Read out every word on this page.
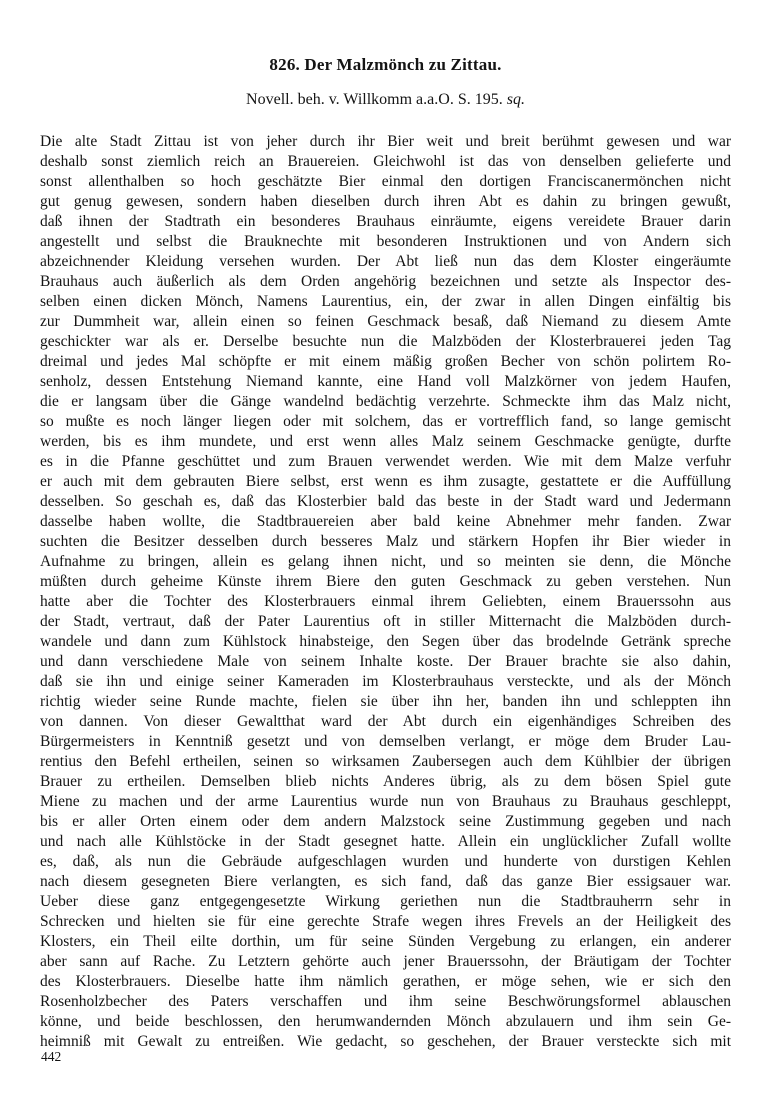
826. Der Malzmönch zu Zittau.

Novell. beh. v. Willkomm a.a.O. S. 195. sq.

Die alte Stadt Zittau ist von jeher durch ihr Bier weit und breit berühmt gewesen und war
deshalb sonst ziemlich reich an Brauereien. Gleichwohl ist das von denselben gelieferte und
sonst allenthalben so hoch geschätzte Bier einmal den dortigen Franciscanermönchen nicht
gut genug gewesen, sondern haben dieselben durch ihren Abt es dahin zu bringen gewußt,
daß ihnen der Stadtrath ein besonderes Brauhaus einräumte, eigens vereidete Brauer darin
angestellt und selbst die Brauknechte mit besonderen Instruktionen und von Andern sich
abzeichnender Kleidung versehen wurden. Der Abt ließ nun das dem Kloster eingeräumte
Brauhaus auch äußerlich als dem Orden angehörig bezeichnen und setzte als Inspector des-
selben einen dicken Mönch, Namens Laurentius, ein, der zwar in allen Dingen einfältig bis
zur Dummheit war, allein einen so feinen Geschmack besaß, daß Niemand zu diesem Amte
geschickter war als er. Derselbe besuchte nun die Malzböden der Klosterbrauerei jeden Tag
dreimal und jedes Mal schöpfte er mit einem mäßig großen Becher von schön polirtem Ro-
senholz, dessen Entstehung Niemand kannte, eine Hand voll Malzkörner von jedem Haufen,
die er langsam über die Gänge wandelnd bedächtig verzehrte. Schmeckte ihm das Malz nicht,
so mußte es noch länger liegen oder mit solchem, das er vortrefflich fand, so lange gemischt
werden, bis es ihm mundete, und erst wenn alles Malz seinem Geschmacke genügte, durfte
es in die Pfanne geschüttet und zum Brauen verwendet werden. Wie mit dem Malze verfuhr
er auch mit dem gebrauten Biere selbst, erst wenn es ihm zusagte, gestattete er die Auffüllung
desselben. So geschah es, daß das Klosterbier bald das beste in der Stadt ward und Jedermann
dasselbe haben wollte, die Stadtbrauereien aber bald keine Abnehmer mehr fanden. Zwar
suchten die Besitzer desselben durch besseres Malz und stärkern Hopfen ihr Bier wieder in
Aufnahme zu bringen, allein es gelang ihnen nicht, und so meinten sie denn, die Mönche
müßten durch geheime Künste ihrem Biere den guten Geschmack zu geben verstehen. Nun
hatte aber die Tochter des Klosterbrauers einmal ihrem Geliebten, einem Brauerssohn aus
der Stadt, vertraut, daß der Pater Laurentius oft in stiller Mitternacht die Malzböden durch-
wandele und dann zum Kühlstock hinabsteige, den Segen über das brodelnde Getränk spreche
und dann verschiedene Male von seinem Inhalte koste. Der Brauer brachte sie also dahin,
daß sie ihn und einige seiner Kameraden im Klosterbrauhaus versteckte, und als der Mönch
richtig wieder seine Runde machte, fielen sie über ihn her, banden ihn und schleppten ihn
von dannen. Von dieser Gewaltthat ward der Abt durch ein eigenhändiges Schreiben des
Bürgermeisters in Kenntniß gesetzt und von demselben verlangt, er möge dem Bruder Lau-
rentius den Befehl ertheilen, seinen so wirksamen Zaubersegen auch dem Kühlbier der übrigen
Brauer zu ertheilen. Demselben blieb nichts Anderes übrig, als zu dem bösen Spiel gute
Miene zu machen und der arme Laurentius wurde nun von Brauhaus zu Brauhaus geschleppt,
bis er aller Orten einem oder dem andern Malzstock seine Zustimmung gegeben und nach
und nach alle Kühlstöcke in der Stadt gesegnet hatte. Allein ein unglücklicher Zufall wollte
es, daß, als nun die Gebräude aufgeschlagen wurden und hunderte von durstigen Kehlen
nach diesem gesegneten Biere verlangten, es sich fand, daß das ganze Bier essigsauer war.
Ueber diese ganz entgegengesetzte Wirkung geriethen nun die Stadtbrauherrn sehr in
Schrecken und hielten sie für eine gerechte Strafe wegen ihres Frevels an der Heiligkeit des
Klosters, ein Theil eilte dorthin, um für seine Sünden Vergebung zu erlangen, ein anderer
aber sann auf Rache. Zu Letztern gehörte auch jener Brauerssohn, der Bräutigam der Tochter
des Klosterbrauers. Dieselbe hatte ihm nämlich gerathen, er möge sehen, wie er sich den
Rosenholzbecher des Paters verschaffen und ihm seine Beschwörungsformel ablauschen
könne, und beide beschlossen, den herumwandernden Mönch abzulauern und ihm sein Ge-
heimniß mit Gewalt zu entreißen. Wie gedacht, so geschehen, der Brauer versteckte sich mit
442
